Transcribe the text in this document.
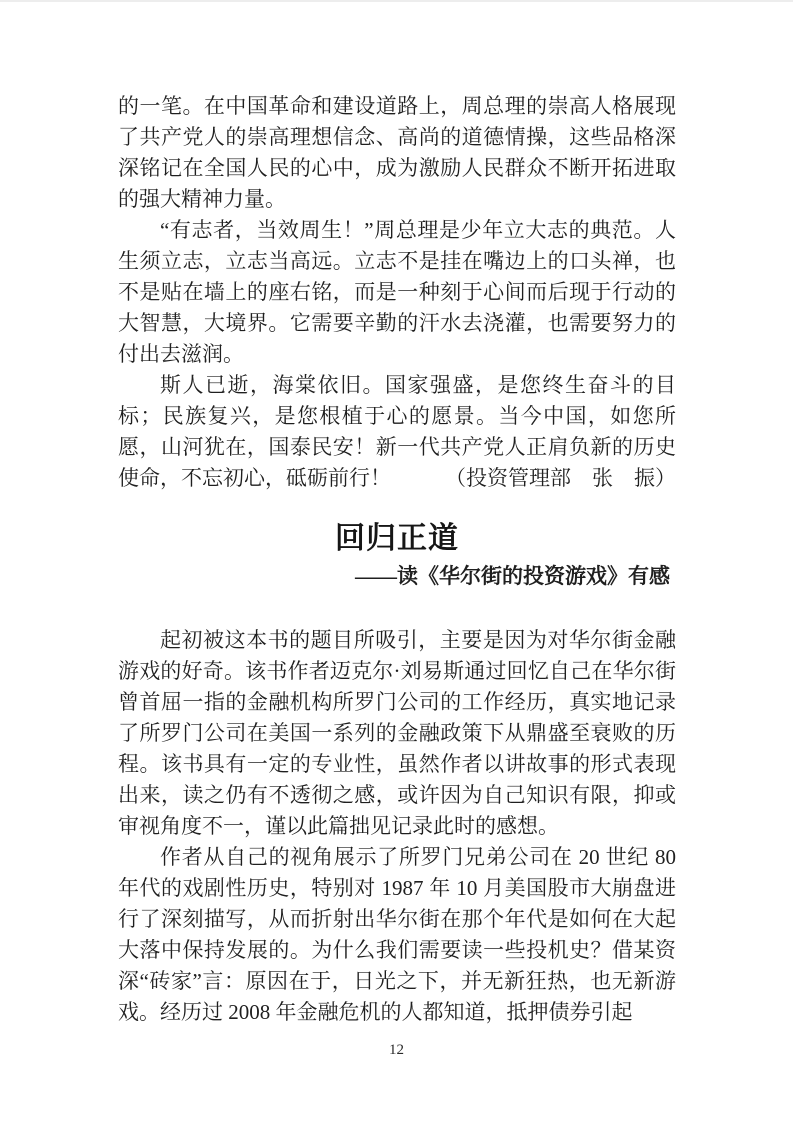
的一笔。在中国革命和建设道路上，周总理的崇高人格展现了共产党人的崇高理想信念、高尚的道德情操，这些品格深深铭记在全国人民的心中，成为激励人民群众不断开拓进取的强大精神力量。

“有志者，当效周生！”周总理是少年立大志的典范。人生须立志，立志当高远。立志不是挂在嘴边上的口头禅，也不是贴在墙上的座右铭，而是一种刻于心间而后现于行动的大智慧，大境界。它需要辛勤的汗水去浇灌，也需要努力的付出去滋润。

斯人已逝，海棠依旧。国家强盛，是您终生奋斗的目标；民族复兴，是您根植于心的愿景。当今中国，如您所愿，山河犹在，国泰民安！新一代共产党人正肩负新的历史使命，不忘初心，砥砺前行！	（投资管理部　张　振）
回归正道
——读《华尔街的投资游戏》有感

起初被这本书的题目所吸引，主要是因为对华尔街金融游戏的好奇。该书作者迈克尔·刘易斯通过回忆自己在华尔街曾首屈一指的金融机构所罗门公司的工作经历，真实地记录了所罗门公司在美国一系列的金融政策下从鼎盛至衰败的历程。该书具有一定的专业性，虽然作者以讲故事的形式表现出来，读之仍有不透彻之感，或许因为自己知识有限，抑或审视角度不一，谨以此篇拙见记录此时的感想。

作者从自己的视角展示了所罗门兄弟公司在 20 世纪 80 年代的戏剧性历史，特别对 1987 年 10 月美国股市大崩盘进行了深刻描写，从而折射出华尔街在那个年代是如何在大起大落中保持发展的。为什么我们需要读一些投机史？借某资深“砖家”言：原因在于，日光之下，并无新狂热，也无新游戏。经历过 2008 年金融危机的人都知道，抵押债券引起

12
